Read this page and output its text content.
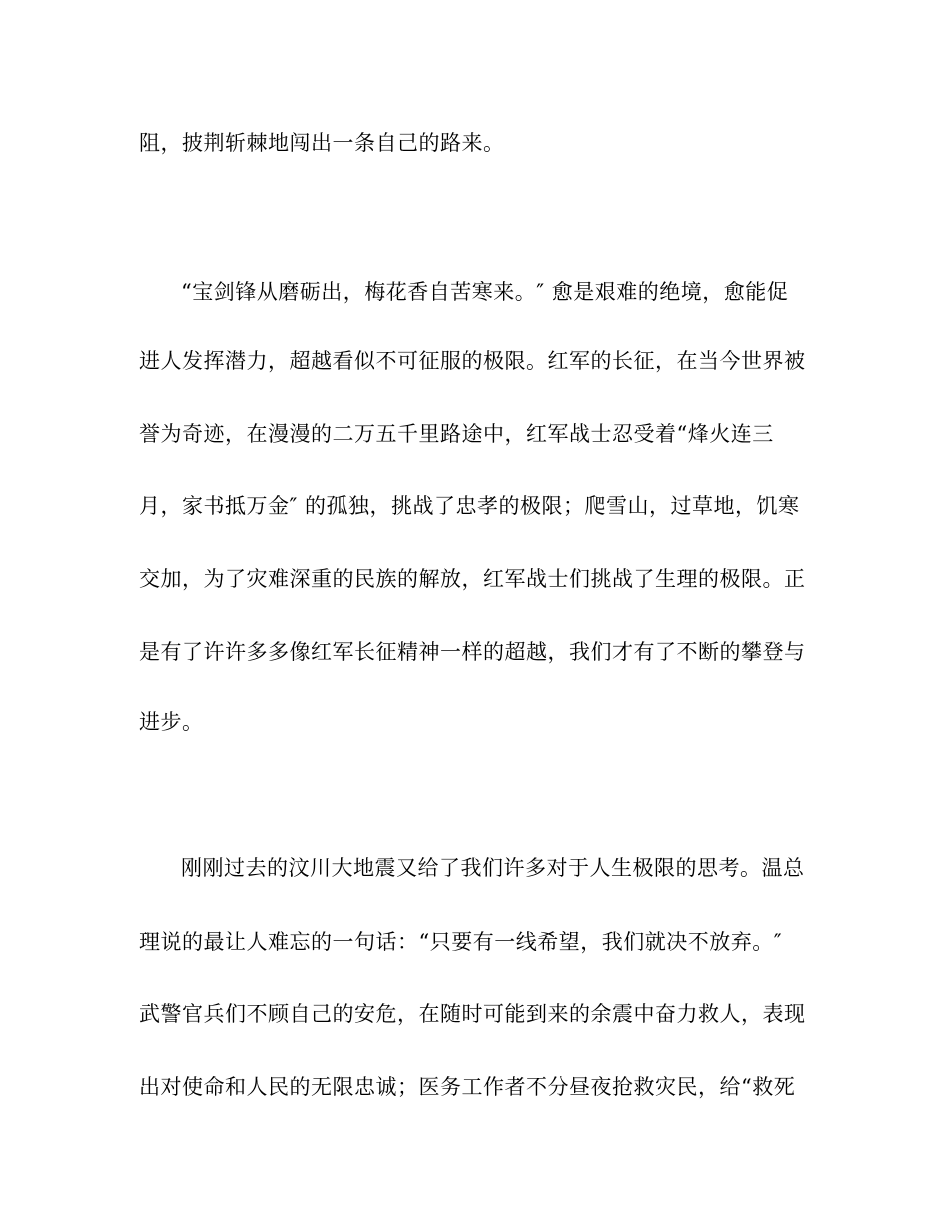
阻，披荆斩棘地闯出一条自己的路来。
“宝剑锋从磨砺出，梅花香自苦寒来。″ 愈是艰难的绝境，愈能促
进人发挥潜力，超越看似不可征服的极限。红军的长征，在当今世界被
誉为奇迹，在漫漫的二万五千里路途中，红军战士忍受着“烽火连三
月，家书抵万金″ 的孤独，挑战了忠孝的极限；爬雪山，过草地，饥寒
交加，为了灾难深重的民族的解放，红军战士们挑战了生理的极限。正
是有了许许多多像红军长征精神一样的超越，我们才有了不断的攀登与
进步。
刚刚过去的汶川大地震又给了我们许多对于人生极限的思考。温总
理说的最让人难忘的一句话：“只要有一线希望，我们就决不放弃。″
武警官兵们不顾自己的安危，在随时可能到来的余震中奋力救人，表现
出对使命和人民的无限忠诚；医务工作者不分昼夜抢救灾民，给“救死
